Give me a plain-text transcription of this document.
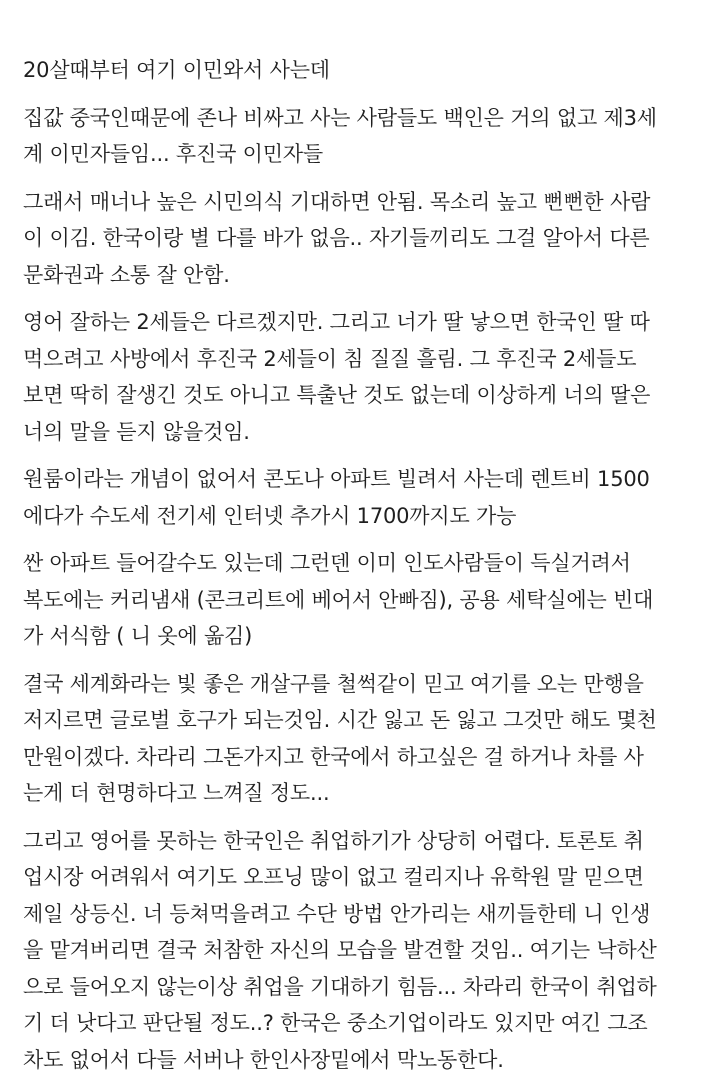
20살때부터 여기 이민와서 사는데
집값 중국인때문에 존나 비싸고 사는 사람들도 백인은 거의 없고 제3세
계 이민자들임... 후진국 이민자들
그래서 매너나 높은 시민의식 기대하면 안됨. 목소리 높고 뻔뻔한 사람
이 이김. 한국이랑 별 다를 바가 없음.. 자기들끼리도 그걸 알아서 다른
문화권과 소통 잘 안함.
영어 잘하는 2세들은 다르겠지만. 그리고 너가 딸 낳으면 한국인 딸 따
먹으려고 사방에서 후진국 2세들이 침 질질 흘림. 그 후진국 2세들도
보면 딱히 잘생긴 것도 아니고 특출난 것도 없는데 이상하게 너의 딸은
너의 말을 듣지 않을것임.
원룸이라는 개념이 없어서 콘도나 아파트 빌려서 사는데 렌트비 1500
에다가 수도세 전기세 인터넷 추가시 1700까지도 가능
싼 아파트 들어갈수도 있는데 그런덴 이미 인도사람들이 득실거려서
복도에는 커리냄새 (콘크리트에 베어서 안빠짐), 공용 세탁실에는 빈대
가 서식함 ( 니 옷에 옮김)
결국 세계화라는 빛 좋은 개살구를 철썩같이 믿고 여기를 오는 만행을
저지르면 글로벌 호구가 되는것임. 시간 잃고 돈 잃고 그것만 해도 몇천
만원이겠다. 차라리 그돈가지고 한국에서 하고싶은 걸 하거나 차를 사
는게 더 현명하다고 느껴질 정도...
그리고 영어를 못하는 한국인은 취업하기가 상당히 어렵다. 토론토 취
업시장 어려워서 여기도 오프닝 많이 없고 컬리지나 유학원 말 믿으면
제일 상등신. 너 등쳐먹을려고 수단 방법 안가리는 새끼들한테 니 인생
을 맡겨버리면 결국 처참한 자신의 모습을 발견할 것임.. 여기는 낙하산
으로 들어오지 않는이상 취업을 기대하기 힘듬... 차라리 한국이 취업하
기 더 낫다고 판단될 정도..? 한국은 중소기업이라도 있지만 여긴 그조
차도 없어서 다들 서버나 한인사장밑에서 막노동한다.
